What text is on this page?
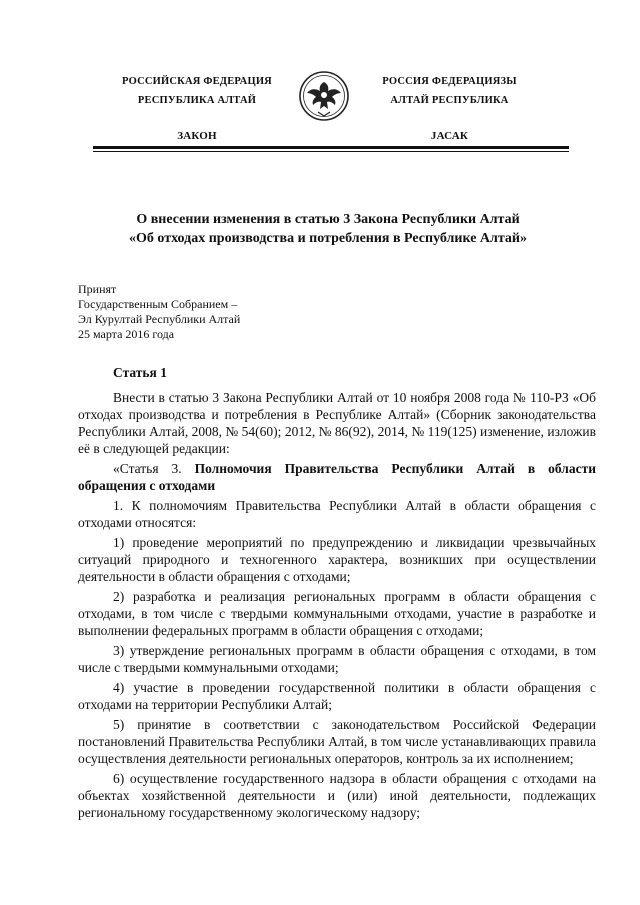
РОССИЙСКАЯ ФЕДЕРАЦИЯ
РЕСПУБЛИКА АЛТАЙ
ЗАКОН
РОССИЯ ФЕДЕРАЦИЯЗЫ
АЛТАЙ РЕСПУБЛИКА
JАСАК
О внесении изменения в статью 3 Закона Республики Алтай
«Об отходах производства и потребления в Республике Алтай»
Принят
Государственным Собранием –
Эл Курултай Республики Алтай
25 марта 2016 года
Статья 1

Внести в статью 3 Закона Республики Алтай от 10 ноября 2008 года № 110-РЗ «Об отходах производства и потребления в Республике Алтай» (Сборник законодательства Республики Алтай, 2008, № 54(60); 2012, № 86(92), 2014, № 119(125) изменение, изложив её в следующей редакции:

«Статья 3. Полномочия Правительства Республики Алтай в области обращения с отходами

1. К полномочиям Правительства Республики Алтай в области обращения с отходами относятся:

1) проведение мероприятий по предупреждению и ликвидации чрезвычайных ситуаций природного и техногенного характера, возникших при осуществлении деятельности в области обращения с отходами;

2) разработка и реализация региональных программ в области обращения с отходами, в том числе с твердыми коммунальными отходами, участие в разработке и выполнении федеральных программ в области обращения с отходами;

3) утверждение региональных программ в области обращения с отходами, в том числе с твердыми коммунальными отходами;

4) участие в проведении государственной политики в области обращения с отходами на территории Республики Алтай;

5) принятие в соответствии с законодательством Российской Федерации постановлений Правительства Республики Алтай, в том числе устанавливающих правила осуществления деятельности региональных операторов, контроль за их исполнением;

6) осуществление государственного надзора в области обращения с отходами на объектах хозяйственной деятельности и (или) иной деятельности, подлежащих региональному государственному экологическому надзору;
